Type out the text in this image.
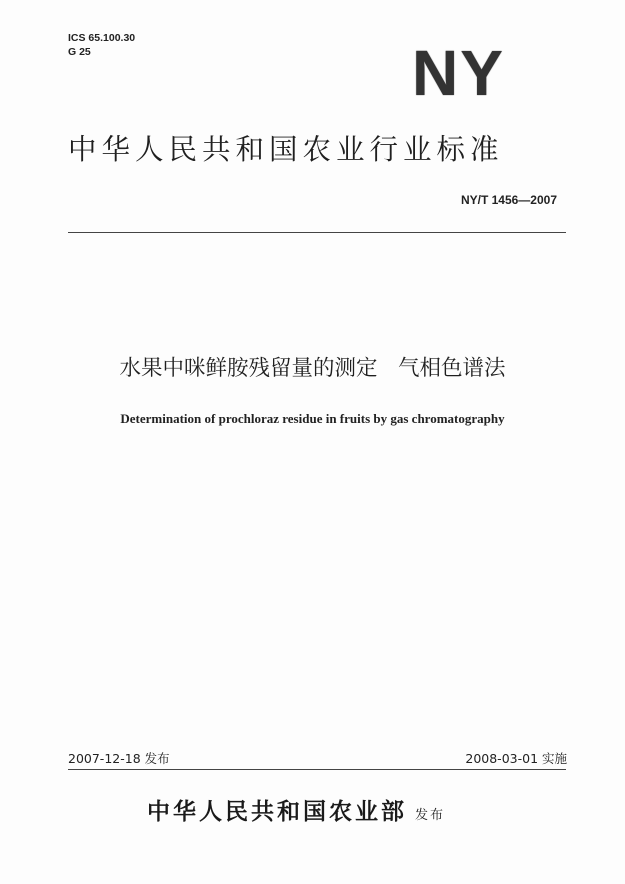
ICS 65.100.30
G 25	NY
中华人民共和国农业行业标准
NY/T 1456—2007
水果中咪鲜胺残留量的测定   气相色谱法
Determination of prochloraz residue in fruits by gas chromatography
2007-12-18 发布	2008-03-01 实施
中华人民共和国农业部 发布
